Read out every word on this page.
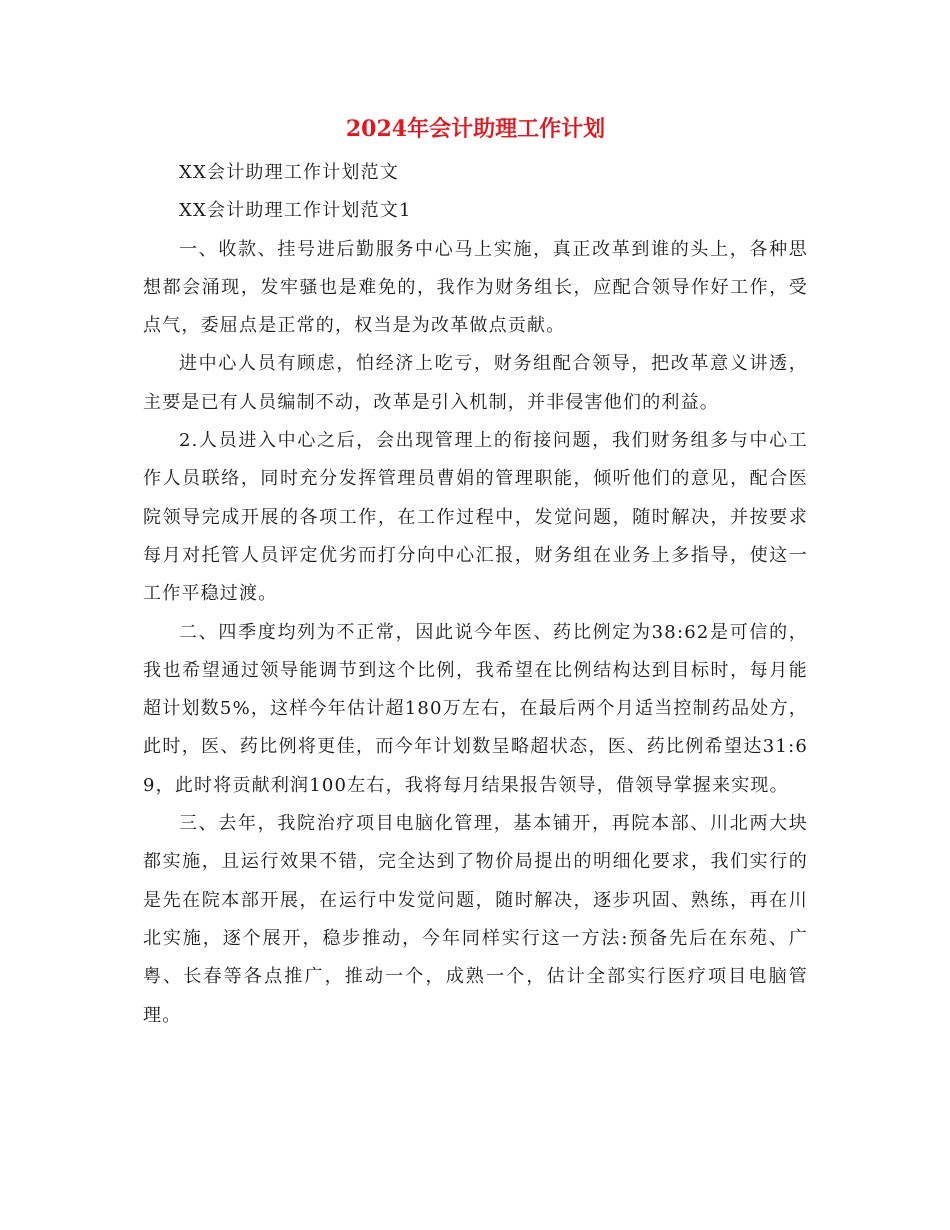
2024年会计助理工作计划

XX会计助理工作计划范文

XX会计助理工作计划范文1

一、收款、挂号进后勤服务中心马上实施，真正改革到谁的头上，各种思想都会涌现，发牢骚也是难免的，我作为财务组长，应配合领导作好工作，受点气，委屈点是正常的，权当是为改革做点贡献。

进中心人员有顾虑，怕经济上吃亏，财务组配合领导，把改革意义讲透，主要是已有人员编制不动，改革是引入机制，并非侵害他们的利益。

2.人员进入中心之后，会出现管理上的衔接问题，我们财务组多与中心工作人员联络，同时充分发挥管理员曹娟的管理职能，倾听他们的意见，配合医院领导完成开展的各项工作，在工作过程中，发觉问题，随时解决，并按要求每月对托管人员评定优劣而打分向中心汇报，财务组在业务上多指导，使这一工作平稳过渡。

二、四季度均列为不正常，因此说今年医、药比例定为38:62是可信的，我也希望通过领导能调节到这个比例，我希望在比例结构达到目标时，每月能超计划数5%，这样今年估计超180万左右，在最后两个月适当控制药品处方，此时，医、药比例将更佳，而今年计划数呈略超状态，医、药比例希望达31:69，此时将贡献利润100左右，我将每月结果报告领导，借领导掌握来实现。

三、去年，我院治疗项目电脑化管理，基本铺开，再院本部、川北两大块都实施，且运行效果不错，完全达到了物价局提出的明细化要求，我们实行的是先在院本部开展，在运行中发觉问题，随时解决，逐步巩固、熟练，再在川北实施，逐个展开，稳步推动，今年同样实行这一方法:预备先后在东苑、广粤、长春等各点推广，推动一个，成熟一个，估计全部实行医疗项目电脑管理。
